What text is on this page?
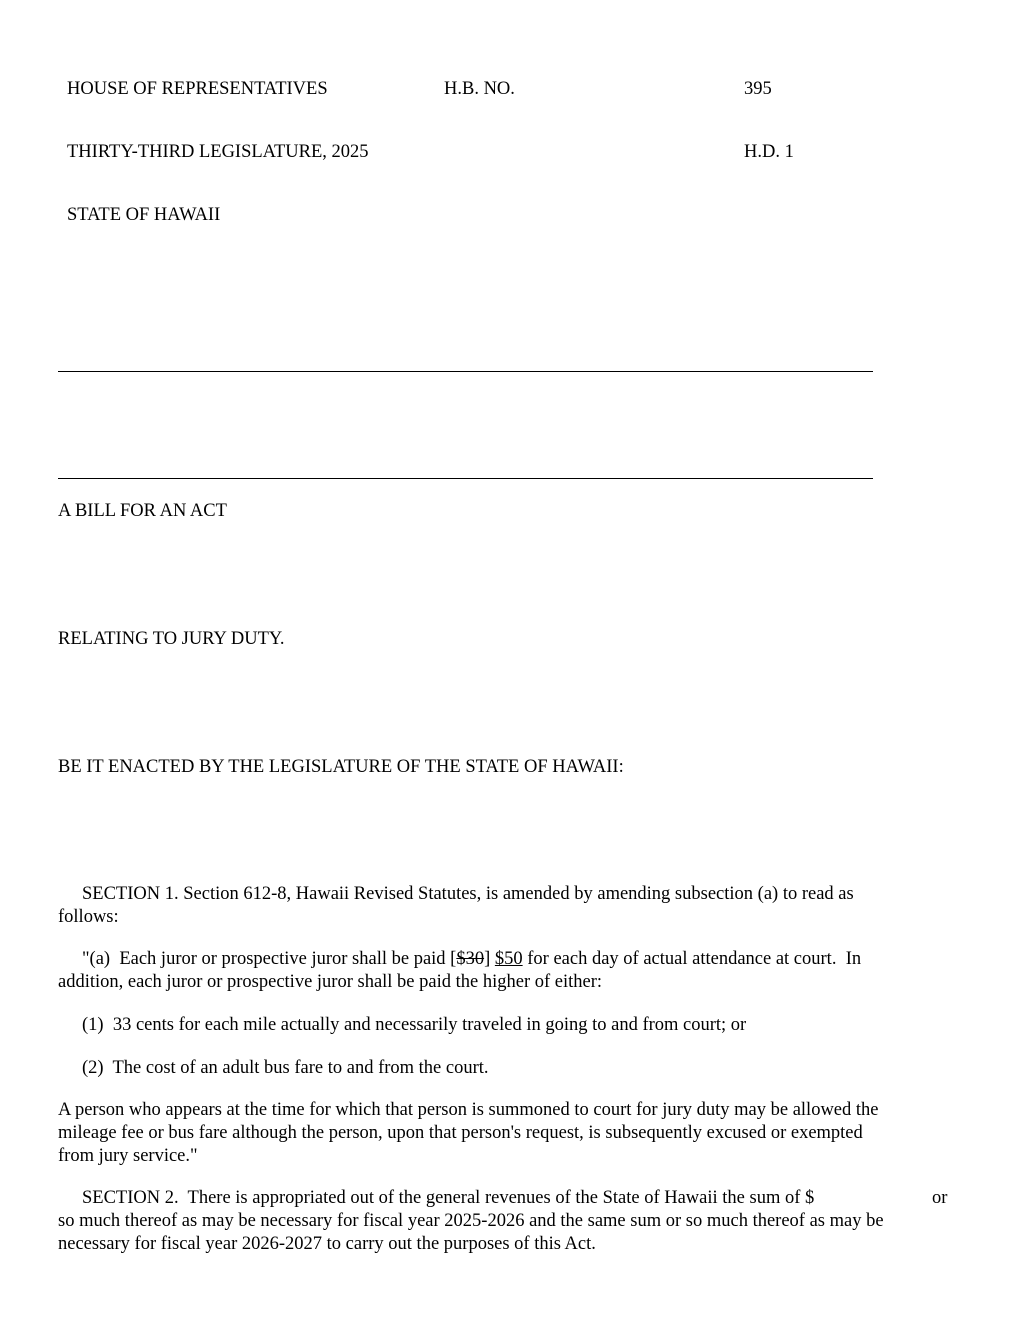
HOUSE OF REPRESENTATIVES	H.B. NO.	395
THIRTY-THIRD LEGISLATURE, 2025	H.D. 1
STATE OF HAWAII
A BILL FOR AN ACT
RELATING TO JURY DUTY.
BE IT ENACTED BY THE LEGISLATURE OF THE STATE OF HAWAII:
SECTION 1. Section 612-8, Hawaii Revised Statutes, is amended by amending subsection (a) to read as
follows:
"(a)  Each juror or prospective juror shall be paid [$30] $50 for each day of actual attendance at court.  In
addition, each juror or prospective juror shall be paid the higher of either:
(1)  33 cents for each mile actually and necessarily traveled in going to and from court; or
(2)  The cost of an adult bus fare to and from the court.
A person who appears at the time for which that person is summoned to court for jury duty may be allowed the
mileage fee or bus fare although the person, upon that person's request, is subsequently excused or exempted
from jury service."
SECTION 2.  There is appropriated out of the general revenues of the State of Hawaii the sum of $	or
so much thereof as may be necessary for fiscal year 2025-2026 and the same sum or so much thereof as may be
necessary for fiscal year 2026-2027 to carry out the purposes of this Act.
